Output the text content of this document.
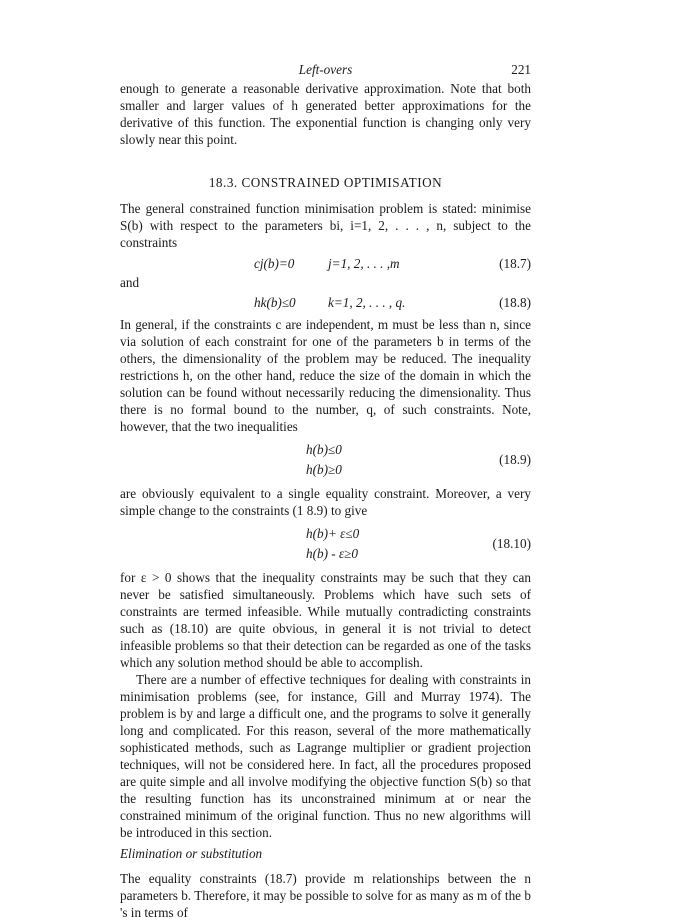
Left-overs	221

enough to generate a reasonable derivative approximation. Note that both smaller and larger values of h generated better approximations for the derivative of this function. The exponential function is changing only very slowly near this point.

18.3. CONSTRAINED OPTIMISATION

The general constrained function minimisation problem is stated: minimise S(b) with respect to the parameters bi, i=1, 2, . . . , n, subject to the constraints

cj(b)=0	j=1, 2, . . . ,m	(18.7)
and
hk(b)≤0 k=1, 2, . . . , q.	(18.8)

In general, if the constraints c are independent, m must be less than n, since via solution of each constraint for one of the parameters b in terms of the others, the dimensionality of the problem may be reduced. The inequality restrictions h, on the other hand, reduce the size of the domain in which the solution can be found without necessarily reducing the dimensionality. Thus there is no formal bound to the number, q, of such constraints. Note, however, that the two inequalities

h(b)≤0
h(b)≥0
(18.9)

are obviously equivalent to a single equality constraint. Moreover, a very simple change to the constraints (1 8.9) to give

h(b)+ ε≤0
h(b) - ε≥0
(18.10)

for ε > 0 shows that the inequality constraints may be such that they can never be satisfied simultaneously. Problems which have such sets of constraints are termed infeasible. While mutually contradicting constraints such as (18.10) are quite obvious, in general it is not trivial to detect infeasible problems so that their detection can be regarded as one of the tasks which any solution method should be able to accomplish.

There are a number of effective techniques for dealing with constraints in minimisation problems (see, for instance, Gill and Murray 1974). The problem is by and large a difficult one, and the programs to solve it generally long and complicated. For this reason, several of the more mathematically sophisticated methods, such as Lagrange multiplier or gradient projection techniques, will not be considered here. In fact, all the procedures proposed are quite simple and all involve modifying the objective function S(b) so that the resulting function has its unconstrained minimum at or near the constrained minimum of the original function. Thus no new algorithms will be introduced in this section.

Elimination or substitution

The equality constraints (18.7) provide m relationships between the n parameters b. Therefore, it may be possible to solve for as many as m of the b 's in terms of
